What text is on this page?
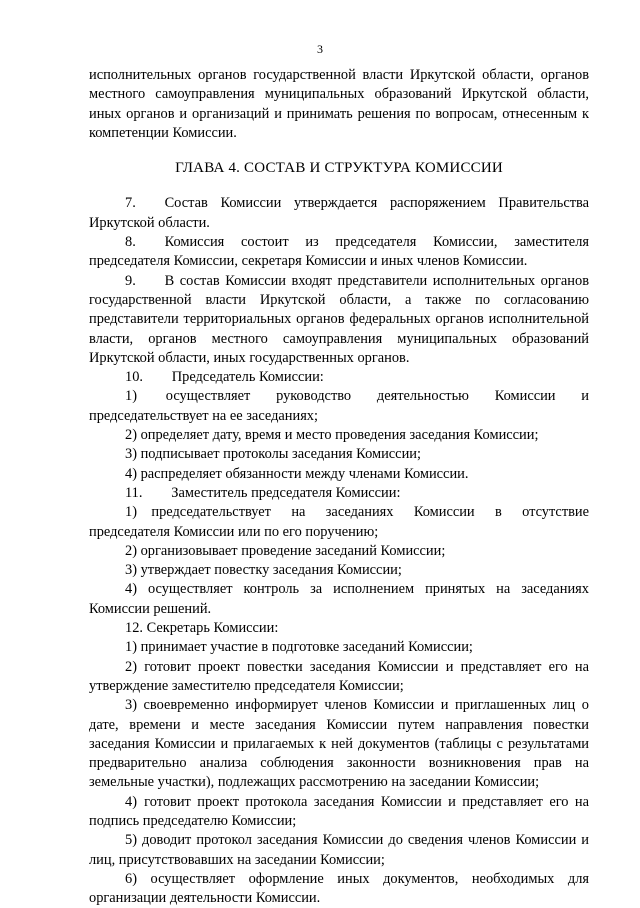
3

исполнительных органов государственной власти Иркутской области, органов местного самоуправления муниципальных образований Иркутской области, иных органов и организаций и принимать решения по вопросам, отнесенным к компетенции Комиссии.

ГЛАВА 4. СОСТАВ И СТРУКТУРА КОМИССИИ

7.  Состав Комиссии утверждается распоряжением Правительства Иркутской области.

8.  Комиссия состоит из председателя Комиссии, заместителя председателя Комиссии, секретаря Комиссии и иных членов Комиссии.

9.  В состав Комиссии входят представители исполнительных органов государственной власти Иркутской области, а также по согласованию представители территориальных органов федеральных органов исполнительной власти, органов местного самоуправления муниципальных образований Иркутской области, иных государственных органов.

10.  Председатель Комиссии:

1)  осуществляет руководство деятельностью Комиссии и председательствует на ее заседаниях;

2) определяет дату, время и место проведения заседания Комиссии;

3) подписывает протоколы заседания Комиссии;

4) распределяет обязанности между членами Комиссии.

11.  Заместитель председателя Комиссии:

1) председательствует на заседаниях Комиссии в отсутствие председателя Комиссии или по его поручению;

2) организовывает проведение заседаний Комиссии;

3) утверждает повестку заседания Комиссии;

4) осуществляет контроль за исполнением принятых на заседаниях Комиссии решений.

12. Секретарь Комиссии:

1) принимает участие в подготовке заседаний Комиссии;

2) готовит проект повестки заседания Комиссии и представляет его на утверждение заместителю председателя Комиссии;

3) своевременно информирует членов Комиссии и приглашенных лиц о дате, времени и месте заседания Комиссии путем направления повестки заседания Комиссии и прилагаемых к ней документов (таблицы с результатами предварительно анализа соблюдения законности возникновения прав на земельные участки), подлежащих рассмотрению на заседании Комиссии;

4) готовит проект протокола заседания Комиссии и представляет его на подпись председателю Комиссии;

5) доводит протокол заседания Комиссии до сведения членов Комиссии и лиц, присутствовавших на заседании Комиссии;

6) осуществляет оформление иных документов, необходимых для организации деятельности Комиссии.
